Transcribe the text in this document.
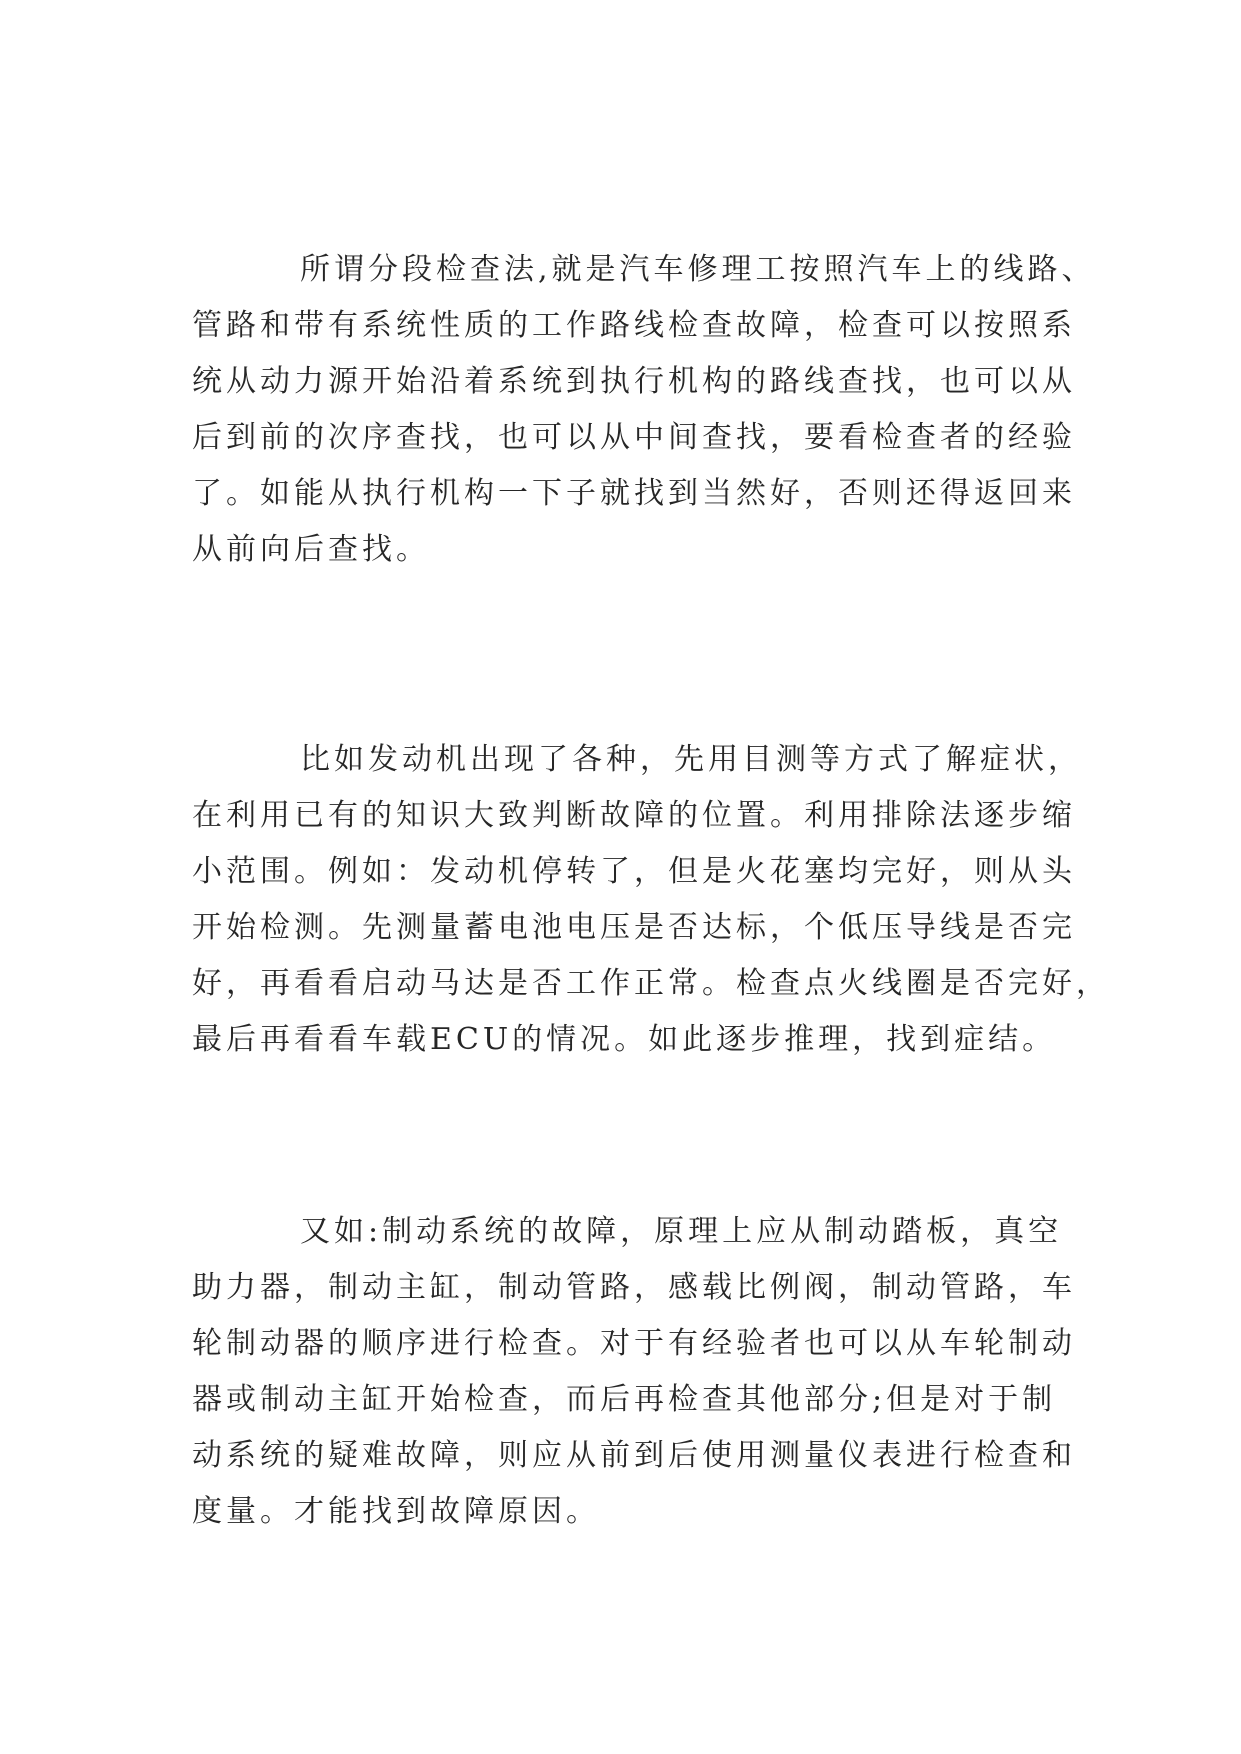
所谓分段检查法,就是汽车修理工按照汽车上的线路、

管路和带有系统性质的工作路线检查故障，检查可以按照系

统从动力源开始沿着系统到执行机构的路线查找，也可以从

后到前的次序查找，也可以从中间查找，要看检查者的经验

了。如能从执行机构一下子就找到当然好，否则还得返回来

从前向后查找。

比如发动机出现了各种，先用目测等方式了解症状，

在利用已有的知识大致判断故障的位置。利用排除法逐步缩

小范围。例如：发动机停转了，但是火花塞均完好，则从头

开始检测。先测量蓄电池电压是否达标，个低压导线是否完

好，再看看启动马达是否工作正常。检查点火线圈是否完好，

最后再看看车载ECU的情况。如此逐步推理，找到症结。

又如:制动系统的故障，原理上应从制动踏板，真空

助力器，制动主缸，制动管路，感载比例阀，制动管路，车

轮制动器的顺序进行检查。对于有经验者也可以从车轮制动

器或制动主缸开始检查，而后再检查其他部分;但是对于制

动系统的疑难故障，则应从前到后使用测量仪表进行检查和

度量。才能找到故障原因。
